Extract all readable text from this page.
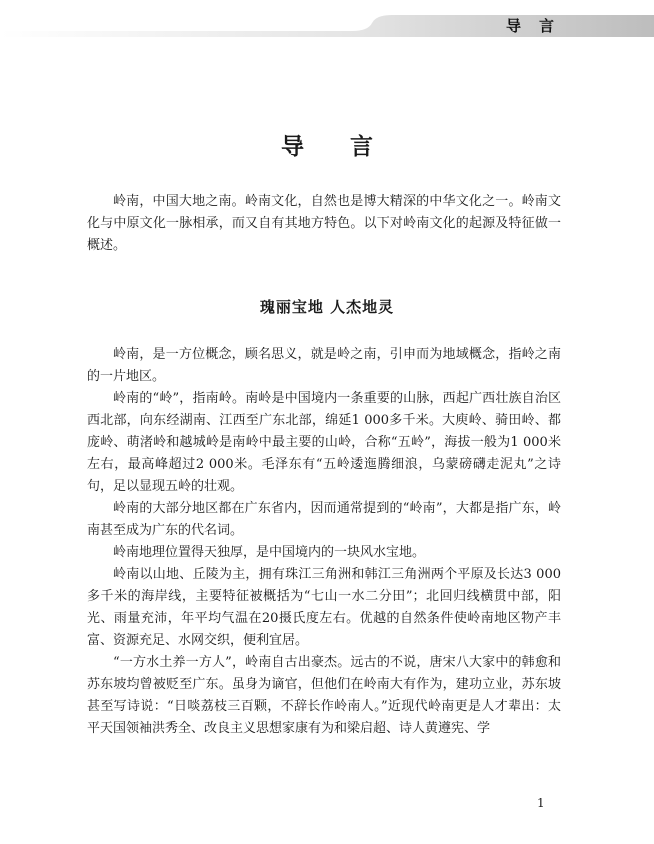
导言
导言

岭南，中国大地之南。岭南文化，自然也是博大精深的中华文化之一。岭南文化与中原文化一脉相承，而又自有其地方特色。以下对岭南文化的起源及特征做一概述。

瑰丽宝地 人杰地灵

岭南，是一方位概念，顾名思义，就是岭之南，引申而为地域概念，指岭之南的一片地区。

岭南的“岭”，指南岭。南岭是中国境内一条重要的山脉，西起广西壮族自治区西北部，向东经湖南、江西至广东北部，绵延1 000多千米。大庾岭、骑田岭、都庞岭、萌渚岭和越城岭是南岭中最主要的山岭，合称“五岭”，海拔一般为1 000米左右，最高峰超过2 000米。毛泽东有“五岭逶迤腾细浪，乌蒙磅礴走泥丸”之诗句，足以显现五岭的壮观。

岭南的大部分地区都在广东省内，因而通常提到的“岭南”，大都是指广东，岭南甚至成为广东的代名词。

岭南地理位置得天独厚，是中国境内的一块风水宝地。

岭南以山地、丘陵为主，拥有珠江三角洲和韩江三角洲两个平原及长达3 000多千米的海岸线，主要特征被概括为“七山一水二分田”；北回归线横贯中部，阳光、雨量充沛，年平均气温在20摄氏度左右。优越的自然条件使岭南地区物产丰富、资源充足、水网交织，便利宜居。

“一方水土养一方人”，岭南自古出豪杰。远古的不说，唐宋八大家中的韩愈和苏东坡均曾被贬至广东。虽身为谪官，但他们在岭南大有作为，建功立业，苏东坡甚至写诗说：“日啖荔枝三百颗，不辞长作岭南人。”近现代岭南更是人才辈出：太平天国领袖洪秀全、改良主义思想家康有为和梁启超、诗人黄遵宪、学

1
